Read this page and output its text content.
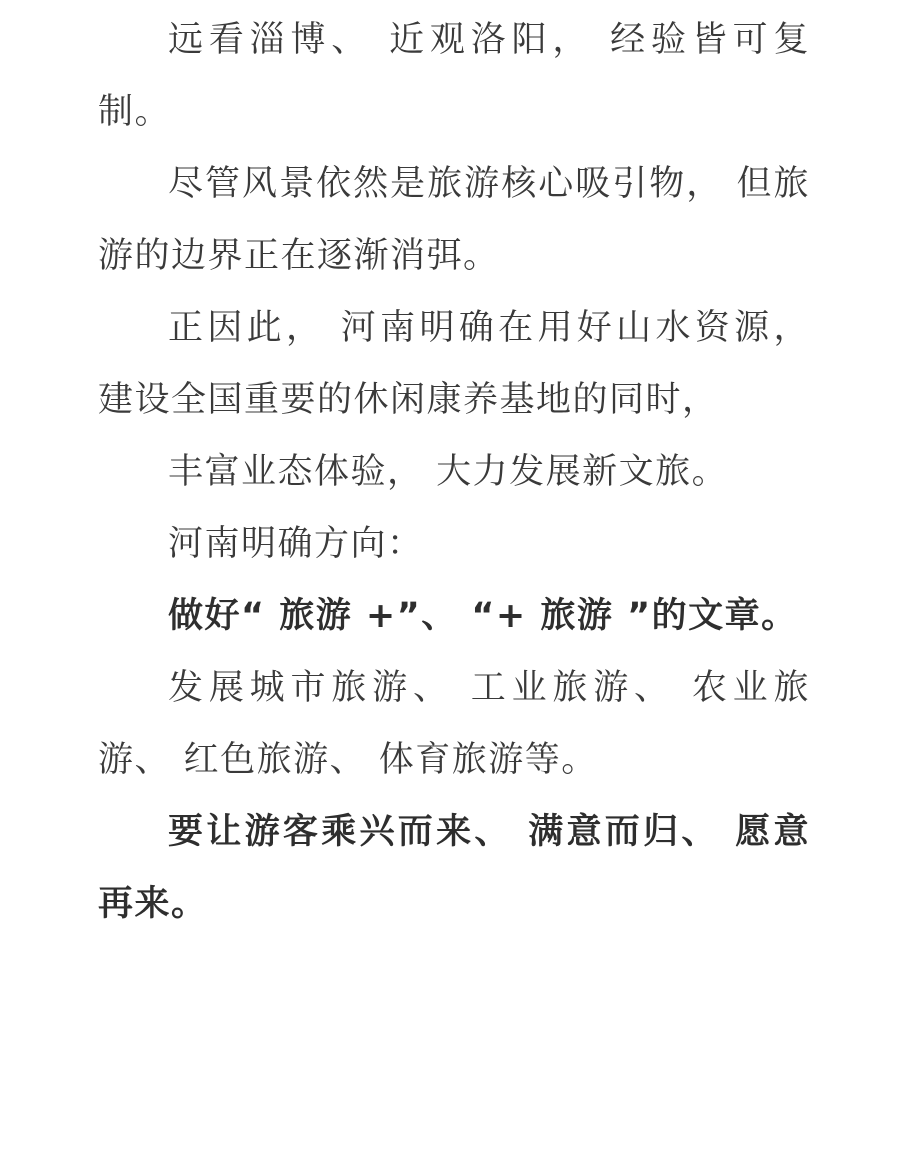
远看淄博、 近观洛阳， 经验皆可复制。

尽管风景依然是旅游核心吸引物， 但旅游的边界正在逐渐消弭。

正因此， 河南明确在用好山水资源， 建设全国重要的休闲康养基地的同时，

丰富业态体验， 大力发展新文旅。

河南明确方向：

做好“ 旅游 +”、 “+ 旅游 ”的文章。

发展城市旅游、 工业旅游、 农业旅游、 红色旅游、 体育旅游等。

要让游客乘兴而来、 满意而归、 愿意再来。
